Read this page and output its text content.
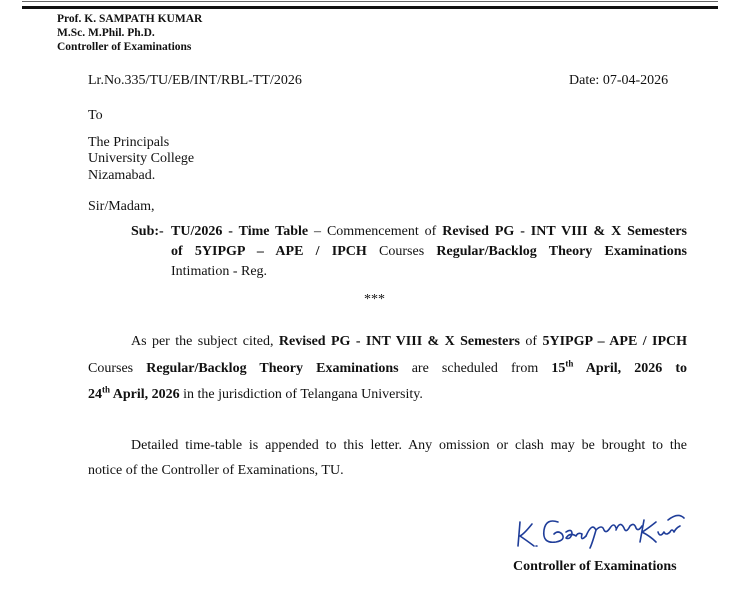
Prof. K. SAMPATH KUMAR
M.Sc. M.Phil. Ph.D.
Controller of Examinations
Lr.No.335/TU/EB/INT/RBL-TT/2026	Date: 07-04-2026
To
The Principals
University College
Nizamabad.
Sir/Madam,
Sub:- TU/2026 - Time Table – Commencement of Revised PG - INT VIII & X Semesters
of 5YIPGP – APE / IPCH Courses Regular/Backlog Theory Examinations
Intimation - Reg.
***
As per the subject cited, Revised PG - INT VIII & X Semesters of 5YIPGP – APE / IPCH
Courses Regular/Backlog Theory Examinations are scheduled from 15th April, 2026 to
24th April, 2026 in the jurisdiction of Telangana University.
Detailed time-table is appended to this letter. Any omission or clash may be brought to the
notice of the Controller of Examinations, TU.
Controller of Examinations
